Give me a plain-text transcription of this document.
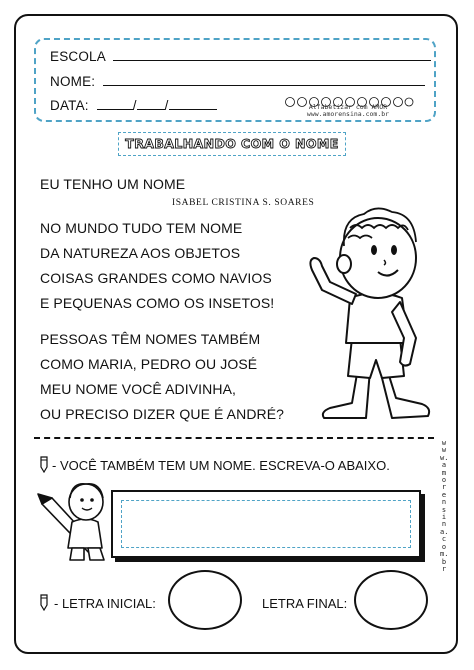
ESCOLA
NOME:
DATA:	/ /	Alfabetizar com AMOR
www.amorensina.com.br
TRABALHANDO COM O NOME
EU TENHO UM NOME
ISABEL CRISTINA S. SOARES
NO MUNDO TUDO TEM NOME
DA NATUREZA AOS OBJETOS
COISAS GRANDES COMO NAVIOS
E PEQUENAS COMO OS INSETOS!
PESSOAS TÊM NOMES TAMBÉM
COMO MARIA, PEDRO OU JOSÉ
MEU NOME VOCÊ ADIVINHA,
OU PRECISO DIZER QUE É ANDRÉ?
www.amorensina.com.br
- VOCÊ TAMBÉM TEM UM NOME. ESCREVA-O ABAIXO.
- LETRA INICIAL:	LETRA FINAL:
